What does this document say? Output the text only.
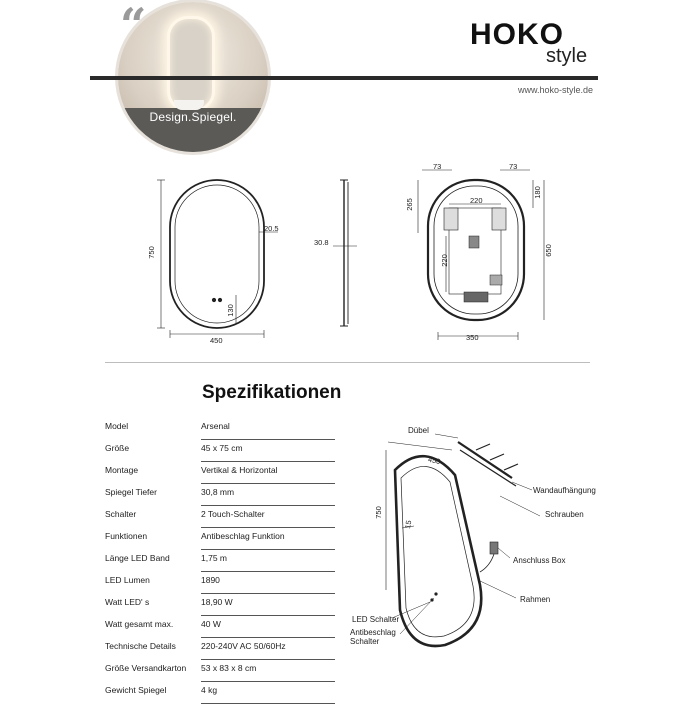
Design.Spiegel.
“	HOKO
style
www.hoko-style.de
750
450
20.5
130
30.8
73	73
220
265
180
220
650
350
Spezifikationen
Model	Arsenal
Größe	45 x 75 cm
Montage	Vertikal & Horizontal
Spiegel Tiefer	30,8 mm
Schalter	2 Touch-Schalter
Funktionen	Antibeschlag Funktion
Länge LED Band	1,75 m
LED Lumen	1890
Watt LED' s	18,90 W
Watt gesamt max.	40 W
Technische Details	220-240V AC 50/60Hz
Größe Versandkarton 53 x 83 x 8 cm
Gewicht Spiegel	4 kg
Dübel
Wandaufhängung
Schrauben
Anschluss Box
Rahmen
LED Schalter
Antibeschlag
Schalter
450
750
15
